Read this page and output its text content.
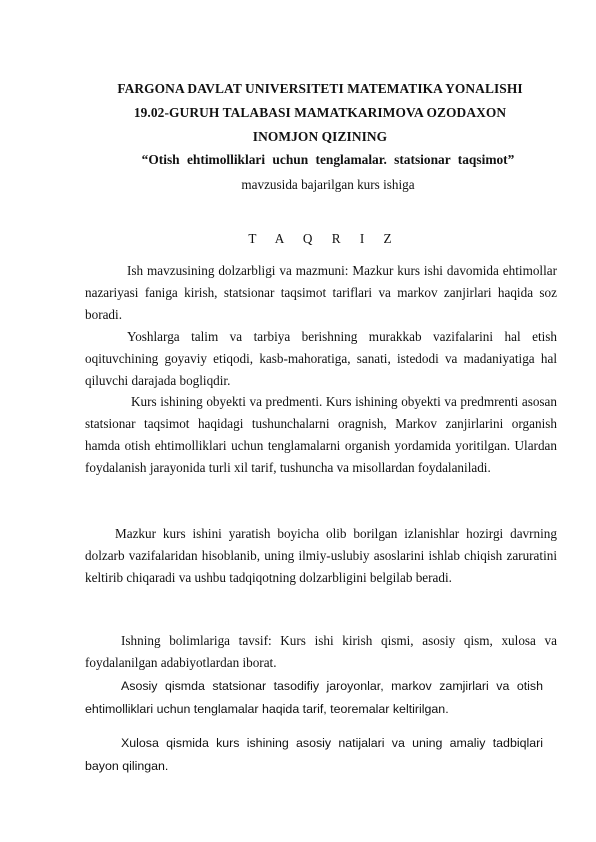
FARGONA DAVLAT UNIVERSITETI MATEMATIKA YONALISHI
19.02-GURUH TALABASI MAMATKARIMOVA OZODAXON
INOMJON QIZINING
“Otish ehtimolliklari uchun tenglamalar. statsionar taqsimot”
mavzusida bajarilgan kurs ishiga
T A Q R I Z

Ish mavzusining dolzarbligi va mazmuni: Mazkur kurs ishi davomida ehtimollar nazariyasi faniga kirish, statsionar taqsimot tariflari va markov zanjirlari haqida soz boradi.

Yoshlarga talim va tarbiya berishning murakkab vazifalarini hal etish oqituvchining goyaviy etiqodi, kasb-mahoratiga, sanati, istedodi va madaniyatiga hal qiluvchi darajada bogliqdir.

Kurs ishining obyekti va predmenti. Kurs ishining obyekti va predmrenti asosan statsionar taqsimot haqidagi tushunchalarni oragnish, Markov zanjirlarini organish hamda otish ehtimolliklari uchun tenglamalarni organish yordamida yoritilgan. Ulardan foydalanish jarayonida turli xil tarif, tushuncha va misollardan foydalaniladi.

Mazkur kurs ishini yaratish boyicha olib borilgan izlanishlar hozirgi davrning dolzarb vazifalaridan hisoblanib, uning ilmiy-uslubiy asoslarini ishlab chiqish zaruratini keltirib chiqaradi va ushbu tadqiqotning dolzarbligini belgilab beradi.

Ishning bolimlariga tavsif: Kurs ishi kirish qismi, asosiy qism, xulosa va foydalanilgan adabiyotlardan iborat.

Asosiy qismda statsionar tasodifiy jaroyonlar, markov zamjirlari va otish ehtimolliklari uchun tenglamalar haqida tarif, teoremalar keltirilgan.

Xulosa qismida kurs ishining asosiy natijalari va uning amaliy tadbiqlari bayon qilingan.
